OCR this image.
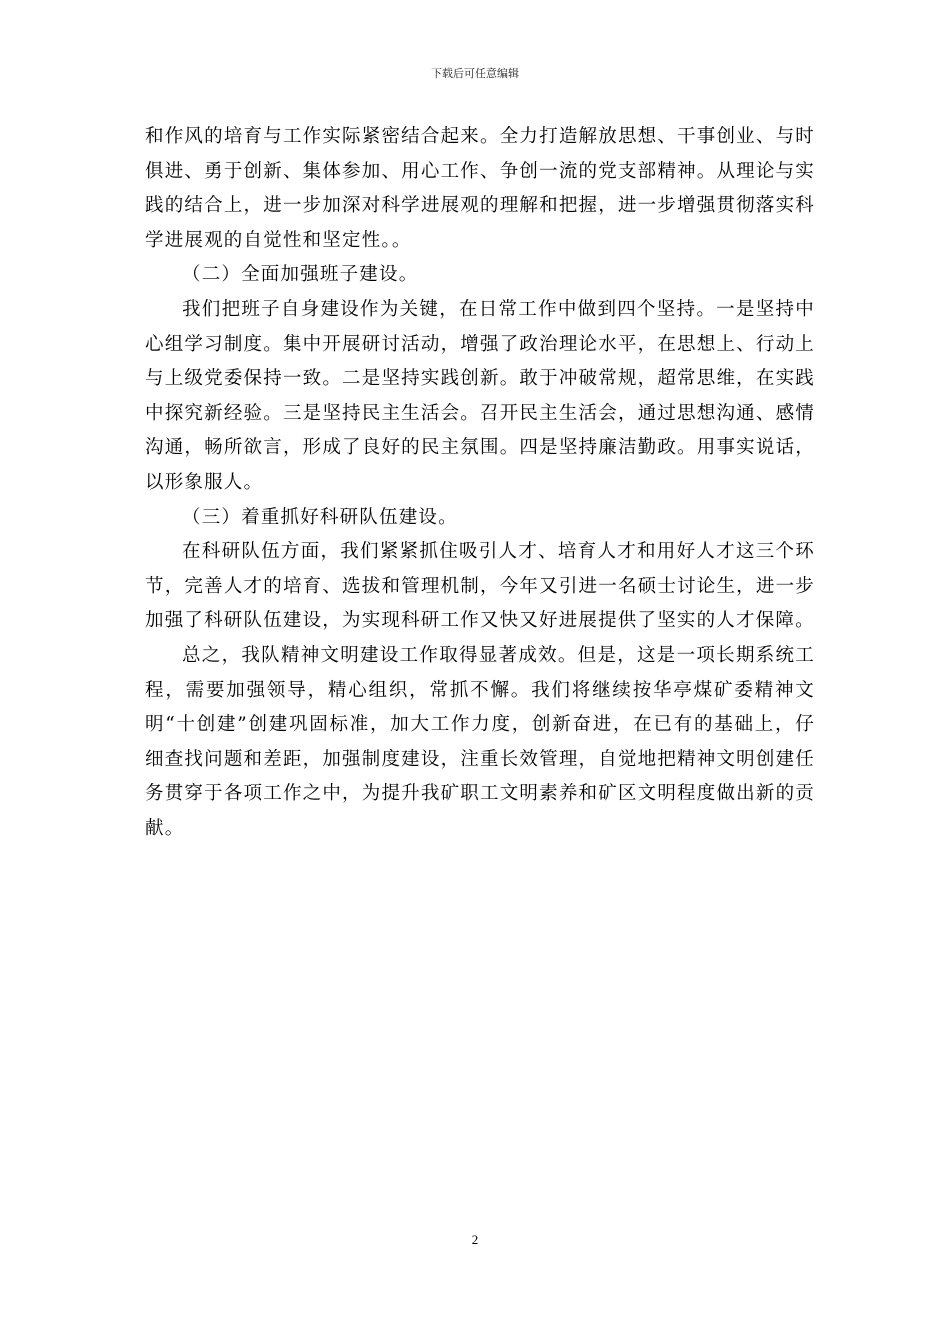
下载后可任意编辑

和作风的培育与工作实际紧密结合起来。全力打造解放思想、干事创业、与时俱进、勇于创新、集体参加、用心工作、争创一流的党支部精神。从理论与实践的结合上，进一步加深对科学进展观的理解和把握，进一步增强贯彻落实科学进展观的自觉性和坚定性。。

（二）全面加强班子建设。

我们把班子自身建设作为关键，在日常工作中做到四个坚持。一是坚持中心组学习制度。集中开展研讨活动，增强了政治理论水平，在思想上、行动上与上级党委保持一致。二是坚持实践创新。敢于冲破常规，超常思维，在实践中探究新经验。三是坚持民主生活会。召开民主生活会，通过思想沟通、感情沟通，畅所欲言，形成了良好的民主氛围。四是坚持廉洁勤政。用事实说话，以形象服人。

（三）着重抓好科研队伍建设。

在科研队伍方面，我们紧紧抓住吸引人才、培育人才和用好人才这三个环节，完善人才的培育、选拔和管理机制，今年又引进一名硕士讨论生，进一步加强了科研队伍建设，为实现科研工作又快又好进展提供了坚实的人才保障。

总之，我队精神文明建设工作取得显著成效。但是，这是一项长期系统工程，需要加强领导，精心组织，常抓不懈。我们将继续按华亭煤矿委精神文明“十创建”创建巩固标准，加大工作力度，创新奋进，在已有的基础上，仔细查找问题和差距，加强制度建设，注重长效管理，自觉地把精神文明创建任务贯穿于各项工作之中，为提升我矿职工文明素养和矿区文明程度做出新的贡献。

2
